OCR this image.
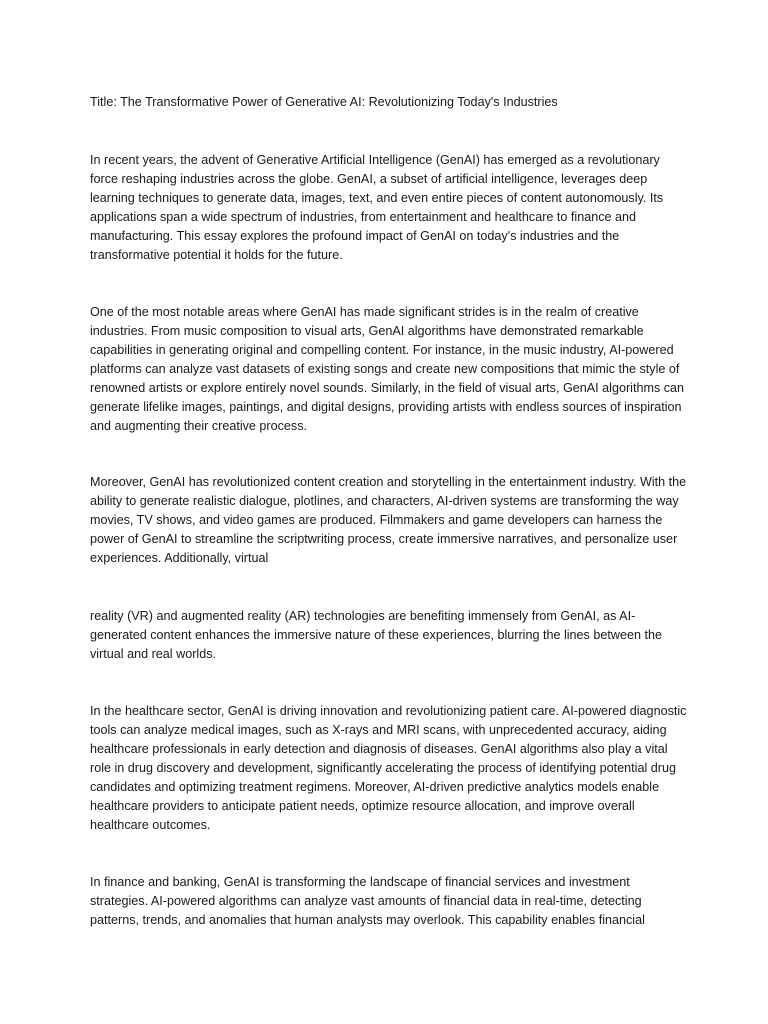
Title: The Transformative Power of Generative AI: Revolutionizing Today's Industries

In recent years, the advent of Generative Artificial Intelligence (GenAI) has emerged as a revolutionary force reshaping industries across the globe. GenAI, a subset of artificial intelligence, leverages deep learning techniques to generate data, images, text, and even entire pieces of content autonomously. Its applications span a wide spectrum of industries, from entertainment and healthcare to finance and manufacturing. This essay explores the profound impact of GenAI on today's industries and the transformative potential it holds for the future.

One of the most notable areas where GenAI has made significant strides is in the realm of creative industries. From music composition to visual arts, GenAI algorithms have demonstrated remarkable capabilities in generating original and compelling content. For instance, in the music industry, AI-powered platforms can analyze vast datasets of existing songs and create new compositions that mimic the style of renowned artists or explore entirely novel sounds. Similarly, in the field of visual arts, GenAI algorithms can generate lifelike images, paintings, and digital designs, providing artists with endless sources of inspiration and augmenting their creative process.

Moreover, GenAI has revolutionized content creation and storytelling in the entertainment industry. With the ability to generate realistic dialogue, plotlines, and characters, AI-driven systems are transforming the way movies, TV shows, and video games are produced. Filmmakers and game developers can harness the power of GenAI to streamline the scriptwriting process, create immersive narratives, and personalize user experiences. Additionally, virtual

reality (VR) and augmented reality (AR) technologies are benefiting immensely from GenAI, as AI-generated content enhances the immersive nature of these experiences, blurring the lines between the virtual and real worlds.

In the healthcare sector, GenAI is driving innovation and revolutionizing patient care. AI-powered diagnostic tools can analyze medical images, such as X-rays and MRI scans, with unprecedented accuracy, aiding healthcare professionals in early detection and diagnosis of diseases. GenAI algorithms also play a vital role in drug discovery and development, significantly accelerating the process of identifying potential drug candidates and optimizing treatment regimens. Moreover, AI-driven predictive analytics models enable healthcare providers to anticipate patient needs, optimize resource allocation, and improve overall healthcare outcomes.

In finance and banking, GenAI is transforming the landscape of financial services and investment strategies. AI-powered algorithms can analyze vast amounts of financial data in real-time, detecting patterns, trends, and anomalies that human analysts may overlook. This capability enables financial
